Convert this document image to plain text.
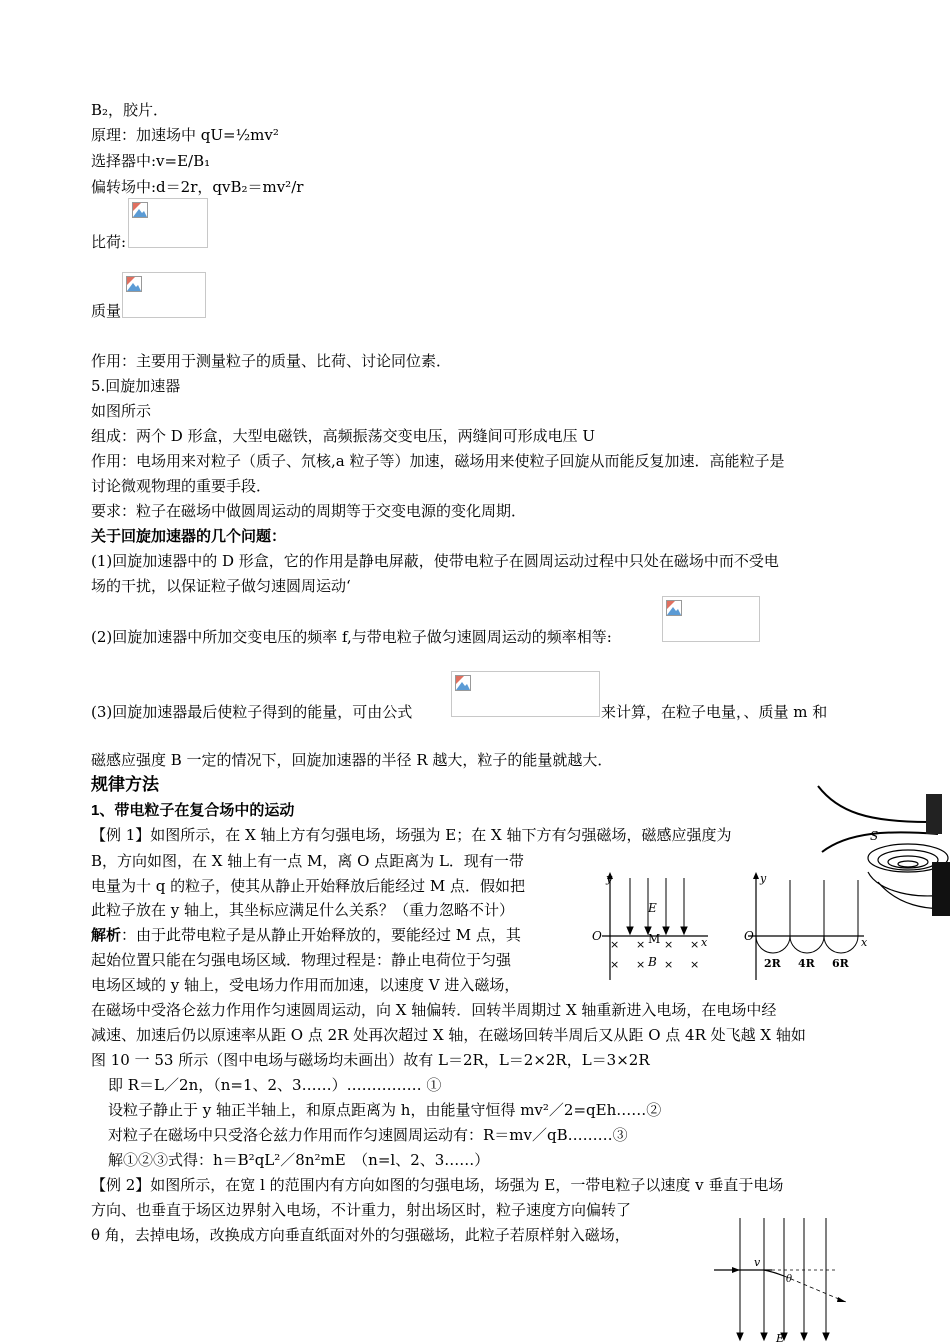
B₂，胶片．
原理：加速场中 qU=½mv²
选择器中:v=E/B₁
偏转场中:d＝2r，qvB₂＝mv²/r
比荷:
质量
作用：主要用于测量粒子的质量、比荷、讨论同位素．
5.回旋加速器
如图所示
组成：两个 D 形盒，大型电磁铁，高频振荡交变电压，两缝间可形成电压 U
作用：电场用来对粒子（质子、氘核,a 粒子等）加速，磁场用来使粒子回旋从而能反复加速．高能粒子是
讨论微观物理的重要手段．
要求：粒子在磁场中做圆周运动的周期等于交变电源的变化周期．
关于回旋加速器的几个问题：
(1)回旋加速器中的 D 形盒，它的作用是静电屏蔽，使带电粒子在圆周运动过程中只处在磁场中而不受电
场的干扰，以保证粒子做匀速圆周运动‘
(2)回旋加速器中所加交变电压的频率 f,与带电粒子做匀速圆周运动的频率相等:
(3)回旋加速器最后使粒子得到的能量，可由公式	来计算，在粒子电量，、质量 m 和
磁感应强度 B 一定的情况下，回旋加速器的半径 R 越大，粒子的能量就越大．
规律方法
1、带电粒子在复合场中的运动
【例 1】如图所示，在 X 轴上方有匀强电场，场强为 E；在 X 轴下方有匀强磁场，磁感应强度为
B，方向如图，在 X 轴上有一点 M，离 O 点距离为 L．现有一带
电量为十 q 的粒子，使其从静止开始释放后能经过 M 点．假如把
此粒子放在 y 轴上，其坐标应满足什么关系？（重力忽略不计）
解析：由于此带电粒子是从静止开始释放的，要能经过 M 点，其
起始位置只能在匀强电场区域．物理过程是：静止电荷位于匀强
电场区域的 y 轴上，受电场力作用而加速，以速度 V 进入磁场，
在磁场中受洛仑兹力作用作匀速圆周运动，向 X 轴偏转．回转半周期过 X 轴重新进入电场，在电场中经
减速、加速后仍以原速率从距 O 点 2R 处再次超过 X 轴，在磁场回转半周后又从距 O 点 4R 处飞越 X 轴如
图 10 一 53 所示（图中电场与磁场均未画出）故有 L＝2R，L＝2×2R，L＝3×2R
即 R＝L／2n，（n=1、2、3……）…………… ①
设粒子静止于 y 轴正半轴上，和原点距离为 h，由能量守恒得 mv²／2=qEh……②
对粒子在磁场中只受洛仑兹力作用而作匀速圆周运动有：R＝mv／qB………③
解①②③式得：h＝B²qL²／8n²mE　（n=l、2、3……）
【例 2】如图所示，在宽 l 的范围内有方向如图的匀强电场，场强为 E，一带电粒子以速度 v 垂直于电场
方向、也垂直于场区边界射入电场，不计重力，射出场区时，粒子速度方向偏转了
θ 角，去掉电场，改换成方向垂直纸面对外的匀强磁场，此粒子若原样射入磁场，
× × × ×
× × × ×
y
E
O	M
B
x
y
O	x
2R 4R 6R
S
v
θ
E
